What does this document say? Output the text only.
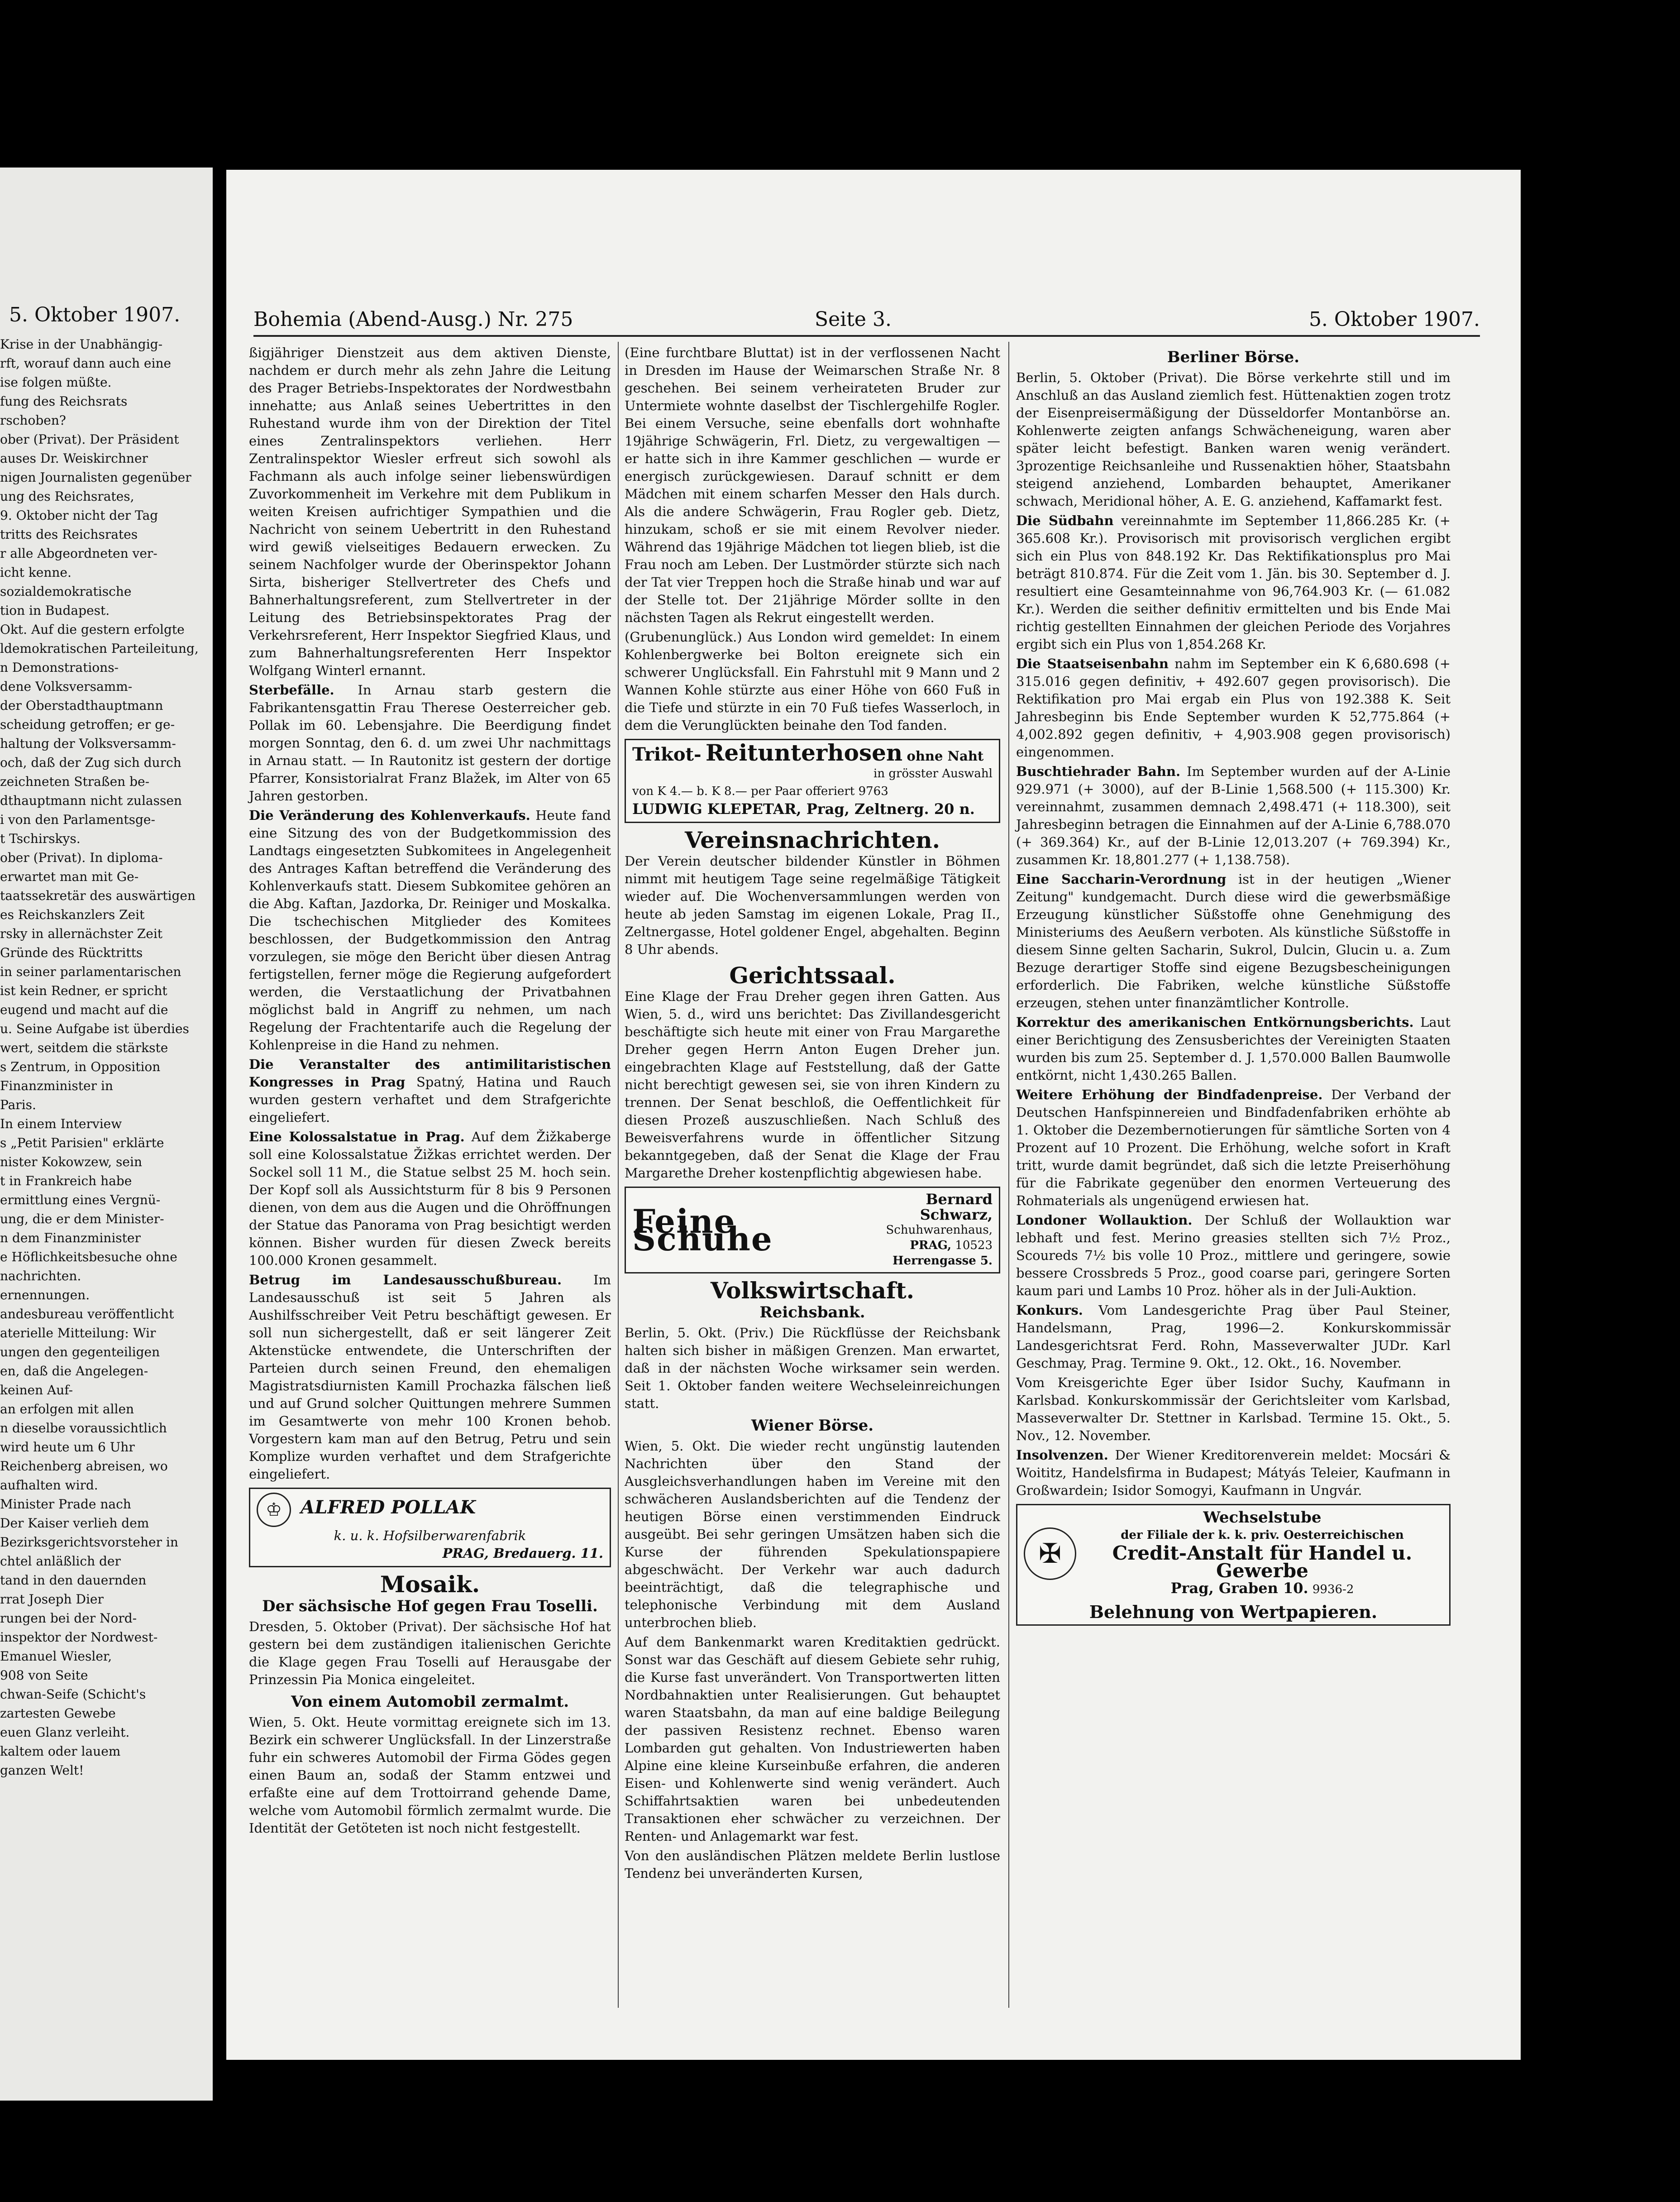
5. Oktober 1907.
Krise in der Unabhängig-
rft, worauf dann auch eine
ise folgen müßte.
fung des Reichsrats
rschoben?
ober (Privat). Der Präsident
auses Dr. Weiskirchner
nigen Journalisten gegenüber
ung des Reichsrates,
9. Oktober nicht der Tag
tritts des Reichsrates
r alle Abgeordneten ver-
icht kenne.
sozialdemokratische
tion in Budapest.
Okt. Auf die gestern erfolgte
ldemokratischen Parteileitung,
n Demonstrations-
dene Volksversamm-
der Oberstadthauptmann
scheidung getroffen; er ge-
haltung der Volksversamm-
och, daß der Zug sich durch
zeichneten Straßen be-
dthauptmann nicht zulassen
i von den Parlamentsge-
t Tschirskys.
ober (Privat). In diploma-
erwartet man mit Ge-
taatssekretär des auswärtigen
es Reichskanzlers Zeit
rsky in allernächster Zeit
Gründe des Rücktritts
in seiner parlamentarischen
ist kein Redner, er spricht
eugend und macht auf die
u. Seine Aufgabe ist überdies
wert, seitdem die stärkste
s Zentrum, in Opposition
Finanzminister in
Paris.
In einem Interview
s „Petit Parisien" erklärte
nister Kokowzew, sein
t in Frankreich habe
ermittlung eines Vergnü-
ung, die er dem Minister-
n dem Finanzminister
e Höflichkeitsbesuche ohne
nachrichten.
ernennungen.
andesbureau veröffentlicht
aterielle Mitteilung: Wir
ungen den gegenteiligen
en, daß die Angelegen-
keinen Auf-
an erfolgen mit allen
n dieselbe voraussichtlich
wird heute um 6 Uhr
Reichenberg abreisen, wo
aufhalten wird.
Minister Prade nach
Der Kaiser verlieh dem
Bezirksgerichtsvorsteher in
chtel anläßlich der
tand in den dauernden
rrat Joseph Dier
rungen bei der Nord-
inspektor der Nordwest-
Emanuel Wiesler,
908 von Seite
chwan-Seife (Schicht's
zartesten Gewebe
euen Glanz verleiht.
kaltem oder lauem
ganzen Welt!
Bohemia (Abend-Ausg.) Nr. 275	Seite 3.	5. Oktober 1907.

ßigjähriger Dienstzeit aus dem aktiven Dienste, nachdem er durch mehr als zehn Jahre die Leitung des Prager Betriebs-Inspektorates der Nordwestbahn innehatte; aus Anlaß seines Uebertrittes in den Ruhestand wurde ihm von der Direktion der Titel eines Zentralinspektors verliehen. Herr Zentralinspektor Wiesler erfreut sich sowohl als Fachmann als auch infolge seiner liebenswürdigen Zuvorkommenheit im Verkehre mit dem Publikum in weiten Kreisen aufrichtiger Sympathien und die Nachricht von seinem Uebertritt in den Ruhestand wird gewiß vielseitiges Bedauern erwecken. Zu seinem Nachfolger wurde der Oberinspektor Johann Sirta, bisheriger Stellvertreter des Chefs und Bahnerhaltungsreferent, zum Stellvertreter in der Leitung des Betriebsinspektorates Prag der Verkehrsreferent, Herr Inspektor Siegfried Klaus, und zum Bahnerhaltungsreferenten Herr Inspektor Wolfgang Winterl ernannt.

Sterbefälle. In Arnau starb gestern die Fabrikantensgattin Frau Therese Oesterreicher geb. Pollak im 60. Lebensjahre. Die Beerdigung findet morgen Sonntag, den 6. d. um zwei Uhr nachmittags in Arnau statt. — In Rautonitz ist gestern der dortige Pfarrer, Konsistorialrat Franz Blažek, im Alter von 65 Jahren gestorben.

Die Veränderung des Kohlenverkaufs. Heute fand eine Sitzung des von der Budgetkommission des Landtags eingesetzten Subkomitees in Angelegenheit des Antrages Kaftan betreffend die Veränderung des Kohlenverkaufs statt. Diesem Subkomitee gehören an die Abg. Kaftan, Jazdorka, Dr. Reiniger und Moskalka. Die tschechischen Mitglieder des Komitees beschlossen, der Budgetkommission den Antrag vorzulegen, sie möge den Bericht über diesen Antrag fertigstellen, ferner möge die Regierung aufgefordert werden, die Verstaatlichung der Privatbahnen möglichst bald in Angriff zu nehmen, um nach Regelung der Frachtentarife auch die Regelung der Kohlenpreise in die Hand zu nehmen.

Die Veranstalter des antimilitaristischen Kongresses in Prag Spatný, Hatina und Rauch wurden gestern verhaftet und dem Strafgerichte eingeliefert.

Eine Kolossalstatue in Prag. Auf dem Žižkaberge soll eine Kolossalstatue Žižkas errichtet werden. Der Sockel soll 11 M., die Statue selbst 25 M. hoch sein. Der Kopf soll als Aussichtsturm für 8 bis 9 Personen dienen, von dem aus die Augen und die Ohröffnungen der Statue das Panorama von Prag besichtigt werden können. Bisher wurden für diesen Zweck bereits 100.000 Kronen gesammelt.

Betrug im Landesausschußbureau. Im Landesausschuß ist seit 5 Jahren als Aushilfsschreiber Veit Petru beschäftigt gewesen. Er soll nun sichergestellt, daß er seit längerer Zeit Aktenstücke entwendete, die Unterschriften der Parteien durch seinen Freund, den ehemaligen Magistratsdiurnisten Kamill Prochazka fälschen ließ und auf Grund solcher Quittungen mehrere Summen im Gesamtwerte von mehr 100 Kronen behob. Vorgestern kam man auf den Betrug, Petru und sein Komplize wurden verhaftet und dem Strafgerichte eingeliefert.

♔ ALFRED POLLAK
k. u. k. Hofsilberwarenfabrik
PRAG, Bredauerg. 11.
Mosaik.
Der sächsische Hof gegen Frau Toselli.

Dresden, 5. Oktober (Privat). Der sächsische Hof hat gestern bei dem zuständigen italienischen Gerichte die Klage gegen Frau Toselli auf Herausgabe der Prinzessin Pia Monica eingeleitet.

Von einem Automobil zermalmt.

Wien, 5. Okt. Heute vormittag ereignete sich im 13. Bezirk ein schwerer Unglücksfall. In der Linzerstraße fuhr ein schweres Automobil der Firma Gödes gegen einen Baum an, sodaß der Stamm entzwei und erfaßte eine auf dem Trottoirrand gehende Dame, welche vom Automobil förmlich zermalmt wurde. Die Identität der Getöteten ist noch nicht festgestellt.

(Eine furchtbare Bluttat) ist in der verflossenen Nacht in Dresden im Hause der Weimarschen Straße Nr. 8 geschehen. Bei seinem verheirateten Bruder zur Untermiete wohnte daselbst der Tischlergehilfe Rogler. Bei einem Versuche, seine ebenfalls dort wohnhafte 19jährige Schwägerin, Frl. Dietz, zu vergewaltigen — er hatte sich in ihre Kammer geschlichen — wurde er energisch zurückgewiesen. Darauf schnitt er dem Mädchen mit einem scharfen Messer den Hals durch. Als die andere Schwägerin, Frau Rogler geb. Dietz, hinzukam, schoß er sie mit einem Revolver nieder. Während das 19jährige Mädchen tot liegen blieb, ist die Frau noch am Leben. Der Lustmörder stürzte sich nach der Tat vier Treppen hoch die Straße hinab und war auf der Stelle tot. Der 21jährige Mörder sollte in den nächsten Tagen als Rekrut eingestellt werden.

(Grubenunglück.) Aus London wird gemeldet: In einem Kohlenbergwerke bei Bolton ereignete sich ein schwerer Unglücksfall. Ein Fahrstuhl mit 9 Mann und 2 Wannen Kohle stürzte aus einer Höhe von 660 Fuß in die Tiefe und stürzte in ein 70 Fuß tiefes Wasserloch, in dem die Verunglückten beinahe den Tod fanden.

Trikot- Reitunterhosen ohne Naht
in grösster Auswahl
von K 4.— b. K 8.— per Paar offeriert 9763
LUDWIG KLEPETAR, Prag, Zeltnerg. 20 n.
Vereinsnachrichten.

Der Verein deutscher bildender Künstler in Böhmen nimmt mit heutigem Tage seine regelmäßige Tätigkeit wieder auf. Die Wochenversammlungen werden von heute ab jeden Samstag im eigenen Lokale, Prag II., Zeltnergasse, Hotel goldener Engel, abgehalten. Beginn 8 Uhr abends.

Gerichtssaal.

Eine Klage der Frau Dreher gegen ihren Gatten. Aus Wien, 5. d., wird uns berichtet: Das Zivillandesgericht beschäftigte sich heute mit einer von Frau Margarethe Dreher gegen Herrn Anton Eugen Dreher jun. eingebrachten Klage auf Feststellung, daß der Gatte nicht berechtigt gewesen sei, sie von ihren Kindern zu trennen. Der Senat beschloß, die Oeffentlichkeit für diesen Prozeß auszuschließen. Nach Schluß des Beweisverfahrens wurde in öffentlicher Sitzung bekanntgegeben, daß der Senat die Klage der Frau Margarethe Dreher kostenpflichtig abgewiesen habe.

Feine Schuhe
Bernard Schwarz,
Schuhwarenhaus,
PRAG, 10523
Herrengasse 5.
Volkswirtschaft.
Reichsbank.

Berlin, 5. Okt. (Priv.) Die Rückflüsse der Reichsbank halten sich bisher in mäßigen Grenzen. Man erwartet, daß in der nächsten Woche wirksamer sein werden. Seit 1. Oktober fanden weitere Wechseleinreichungen statt.

Wiener Börse.

Wien, 5. Okt. Die wieder recht ungünstig lautenden Nachrichten über den Stand der Ausgleichsverhandlungen haben im Vereine mit den schwächeren Auslandsberichten auf die Tendenz der heutigen Börse einen verstimmenden Eindruck ausgeübt. Bei sehr geringen Umsätzen haben sich die Kurse der führenden Spekulationspapiere abgeschwächt. Der Verkehr war auch dadurch beeinträchtigt, daß die telegraphische und telephonische Verbindung mit dem Ausland unterbrochen blieb.

Auf dem Bankenmarkt waren Kreditaktien gedrückt. Sonst war das Geschäft auf diesem Gebiete sehr ruhig, die Kurse fast unverändert. Von Transportwerten litten Nordbahnaktien unter Realisierungen. Gut behauptet waren Staatsbahn, da man auf eine baldige Beilegung der passiven Resistenz rechnet. Ebenso waren Lombarden gut gehalten. Von Industriewerten haben Alpine eine kleine Kurseinbuße erfahren, die anderen Eisen- und Kohlenwerte sind wenig verändert. Auch Schiffahrtsaktien waren bei unbedeutenden Transaktionen eher schwächer zu verzeichnen. Der Renten- und Anlagemarkt war fest.

Von den ausländischen Plätzen meldete Berlin lustlose Tendenz bei unveränderten Kursen,

Berliner Börse.

Berlin, 5. Oktober (Privat). Die Börse verkehrte still und im Anschluß an das Ausland ziemlich fest. Hüttenaktien zogen trotz der Eisenpreisermäßigung der Düsseldorfer Montanbörse an. Kohlenwerte zeigten anfangs Schwächeneigung, waren aber später leicht befestigt. Banken waren wenig verändert. 3prozentige Reichsanleihe und Russenaktien höher, Staatsbahn steigend anziehend, Lombarden behauptet, Amerikaner schwach, Meridional höher, A. E. G. anziehend, Kaffamarkt fest.

Die Südbahn vereinnahmte im September 11,866.285 Kr. (+ 365.608 Kr.). Provisorisch mit provisorisch verglichen ergibt sich ein Plus von 848.192 Kr. Das Rektifikationsplus pro Mai beträgt 810.874. Für die Zeit vom 1. Jän. bis 30. September d. J. resultiert eine Gesamteinnahme von 96,764.903 Kr. (— 61.082 Kr.). Werden die seither definitiv ermittelten und bis Ende Mai richtig gestellten Einnahmen der gleichen Periode des Vorjahres ergibt sich ein Plus von 1,854.268 Kr.

Die Staatseisenbahn nahm im September ein K 6,680.698 (+ 315.016 gegen definitiv, + 492.607 gegen provisorisch). Die Rektifikation pro Mai ergab ein Plus von 192.388 K. Seit Jahresbeginn bis Ende September wurden K 52,775.864 (+ 4,002.892 gegen definitiv, + 4,903.908 gegen provisorisch) eingenommen.

Buschtiehrader Bahn. Im September wurden auf der A-Linie 929.971 (+ 3000), auf der B-Linie 1,568.500 (+ 115.300) Kr. vereinnahmt, zusammen demnach 2,498.471 (+ 118.300), seit Jahresbeginn betragen die Einnahmen auf der A-Linie 6,788.070 (+ 369.364) Kr., auf der B-Linie 12,013.207 (+ 769.394) Kr., zusammen Kr. 18,801.277 (+ 1,138.758).

Eine Saccharin-Verordnung ist in der heutigen „Wiener Zeitung" kundgemacht. Durch diese wird die gewerbsmäßige Erzeugung künstlicher Süßstoffe ohne Genehmigung des Ministeriums des Aeußern verboten. Als künstliche Süßstoffe in diesem Sinne gelten Sacharin, Sukrol, Dulcin, Glucin u. a. Zum Bezuge derartiger Stoffe sind eigene Bezugsbescheinigungen erforderlich. Die Fabriken, welche künstliche Süßstoffe erzeugen, stehen unter finanzämtlicher Kontrolle.

Korrektur des amerikanischen Entkörnungsberichts. Laut einer Berichtigung des Zensusberichtes der Vereinigten Staaten wurden bis zum 25. September d. J. 1,570.000 Ballen Baumwolle entkörnt, nicht 1,430.265 Ballen.

Weitere Erhöhung der Bindfadenpreise. Der Verband der Deutschen Hanfspinnereien und Bindfadenfabriken erhöhte ab 1. Oktober die Dezembernotierungen für sämtliche Sorten von 4 Prozent auf 10 Prozent. Die Erhöhung, welche sofort in Kraft tritt, wurde damit begründet, daß sich die letzte Preiserhöhung für die Fabrikate gegenüber den enormen Verteuerung des Rohmaterials als ungenügend erwiesen hat.

Londoner Wollauktion. Der Schluß der Wollauktion war lebhaft und fest. Merino greasies stellten sich 7½ Proz., Scoureds 7½ bis volle 10 Proz., mittlere und geringere, sowie bessere Crossbreds 5 Proz., good coarse pari, geringere Sorten kaum pari und Lambs 10 Proz. höher als in der Juli-Auktion.

Konkurs. Vom Landesgerichte Prag über Paul Steiner, Handelsmann, Prag, 1996—2. Konkurskommissär Landesgerichtsrat Ferd. Rohn, Masseverwalter JUDr. Karl Geschmay, Prag. Termine 9. Okt., 12. Okt., 16. November.

Vom Kreisgerichte Eger über Isidor Suchy, Kaufmann in Karlsbad. Konkurskommissär der Gerichtsleiter vom Karlsbad, Masseverwalter Dr. Stettner in Karlsbad. Termine 15. Okt., 5. Nov., 12. November.

Insolvenzen. Der Wiener Kreditorenverein meldet: Mocsári & Woititz, Handelsfirma in Budapest; Mátyás Teleier, Kaufmann in Großwardein; Isidor Somogyi, Kaufmann in Ungvár.

✠
Wechselstube
der Filiale der k. k. priv. Oesterreichischen
Credit-Anstalt für Handel u. Gewerbe
Prag, Graben 10. 9936-2
Belehnung von Wertpapieren.
